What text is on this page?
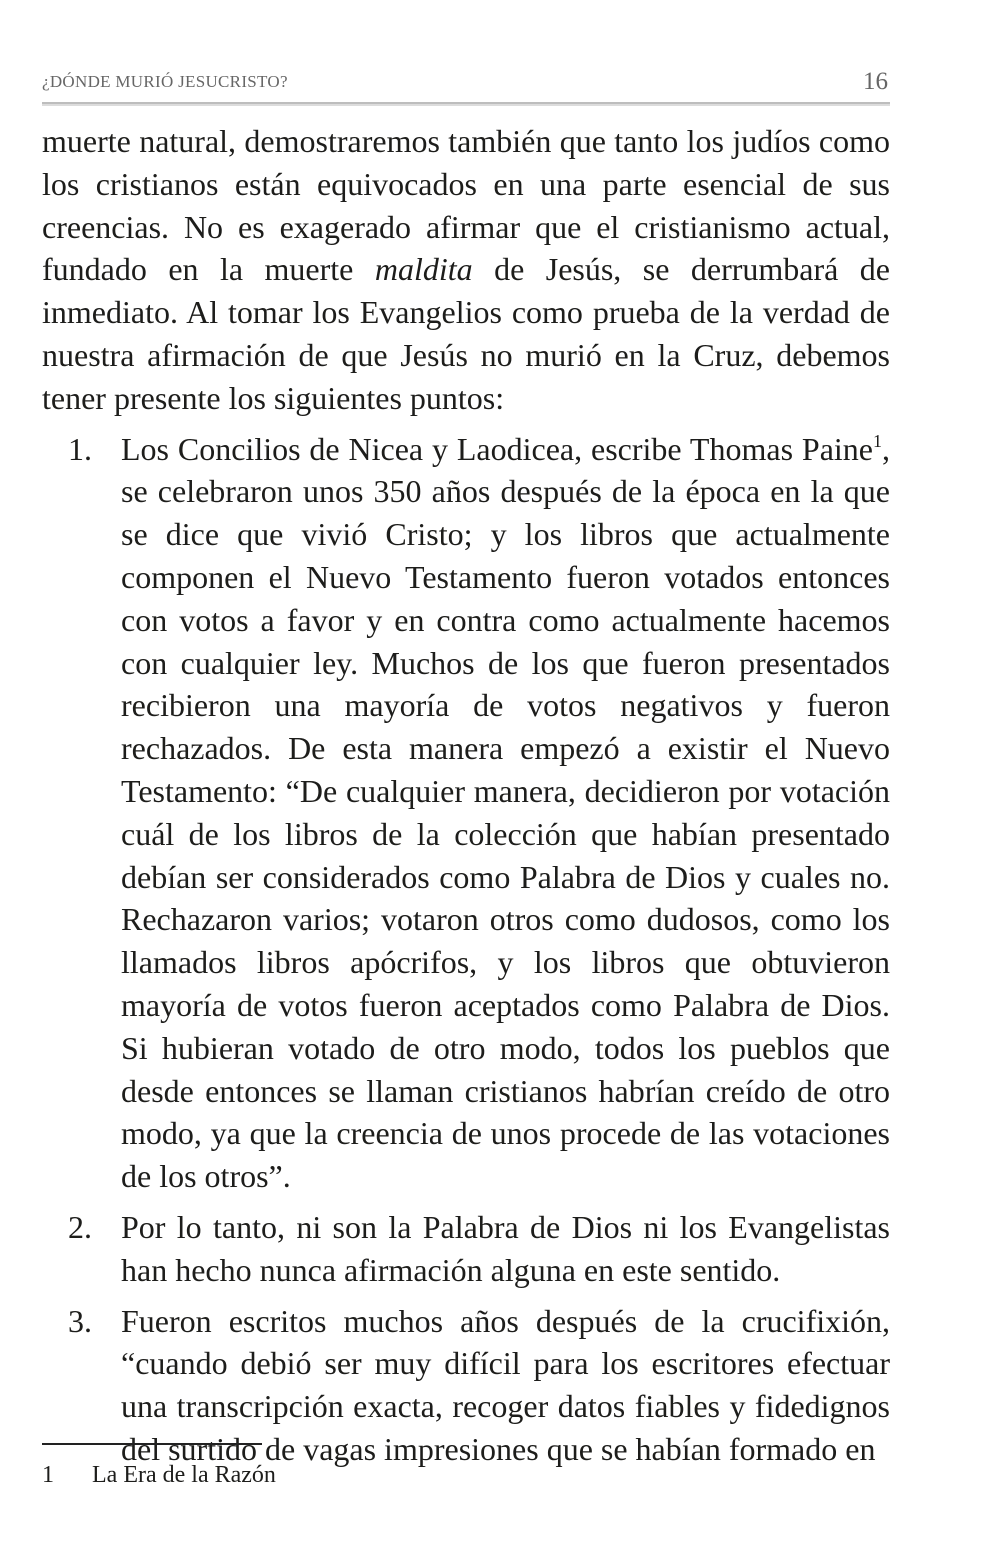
¿DÓNDE MURIÓ JESUCRISTO?	16

muerte natural, demostraremos también que tanto los judíos como los cristianos están equivocados en una parte esencial de sus creencias. No es exagerado afirmar que el cristianismo actual, fundado en la muerte maldita de Jesús, se derrumbará de inmediato. Al tomar los Evangelios como prueba de la verdad de nuestra afirmación de que Jesús no murió en la Cruz, debemos tener presente los siguientes puntos:

1. Los Concilios de Nicea y Laodicea, escribe Thomas Paine$^1$, se celebraron unos 350 años después de la época en la que se dice que vivió Cristo; y los libros que actualmente componen el Nuevo Testamento fueron votados entonces con votos a favor y en contra como actualmente hacemos con cualquier ley. Muchos de los que fueron presentados recibieron una mayoría de votos negativos y fueron rechazados. De esta manera empezó a existir el Nuevo Testamento: “De cualquier manera, decidieron por votación cuál de los libros de la colección que habían presentado debían ser considerados como Palabra de Dios y cuales no. Rechazaron varios; votaron otros como dudosos, como los llamados libros apócrifos, y los libros que obtuvieron mayoría de votos fueron aceptados como Palabra de Dios. Si hubieran votado de otro modo, todos los pueblos que desde entonces se llaman cristianos habrían creído de otro modo, ya que la creencia de unos procede de las votaciones de los otros”.
2. Por lo tanto, ni son la Palabra de Dios ni los Evangelistas han hecho nunca afirmación alguna en este sentido.
3. Fueron escritos muchos años después de la crucifixión, “cuando debió ser muy difícil para los escritores efectuar una transcripción exacta, recoger datos fiables y fidedignos del surtido de vagas impresiones que se habían formado en
1 La Era de la Razón
